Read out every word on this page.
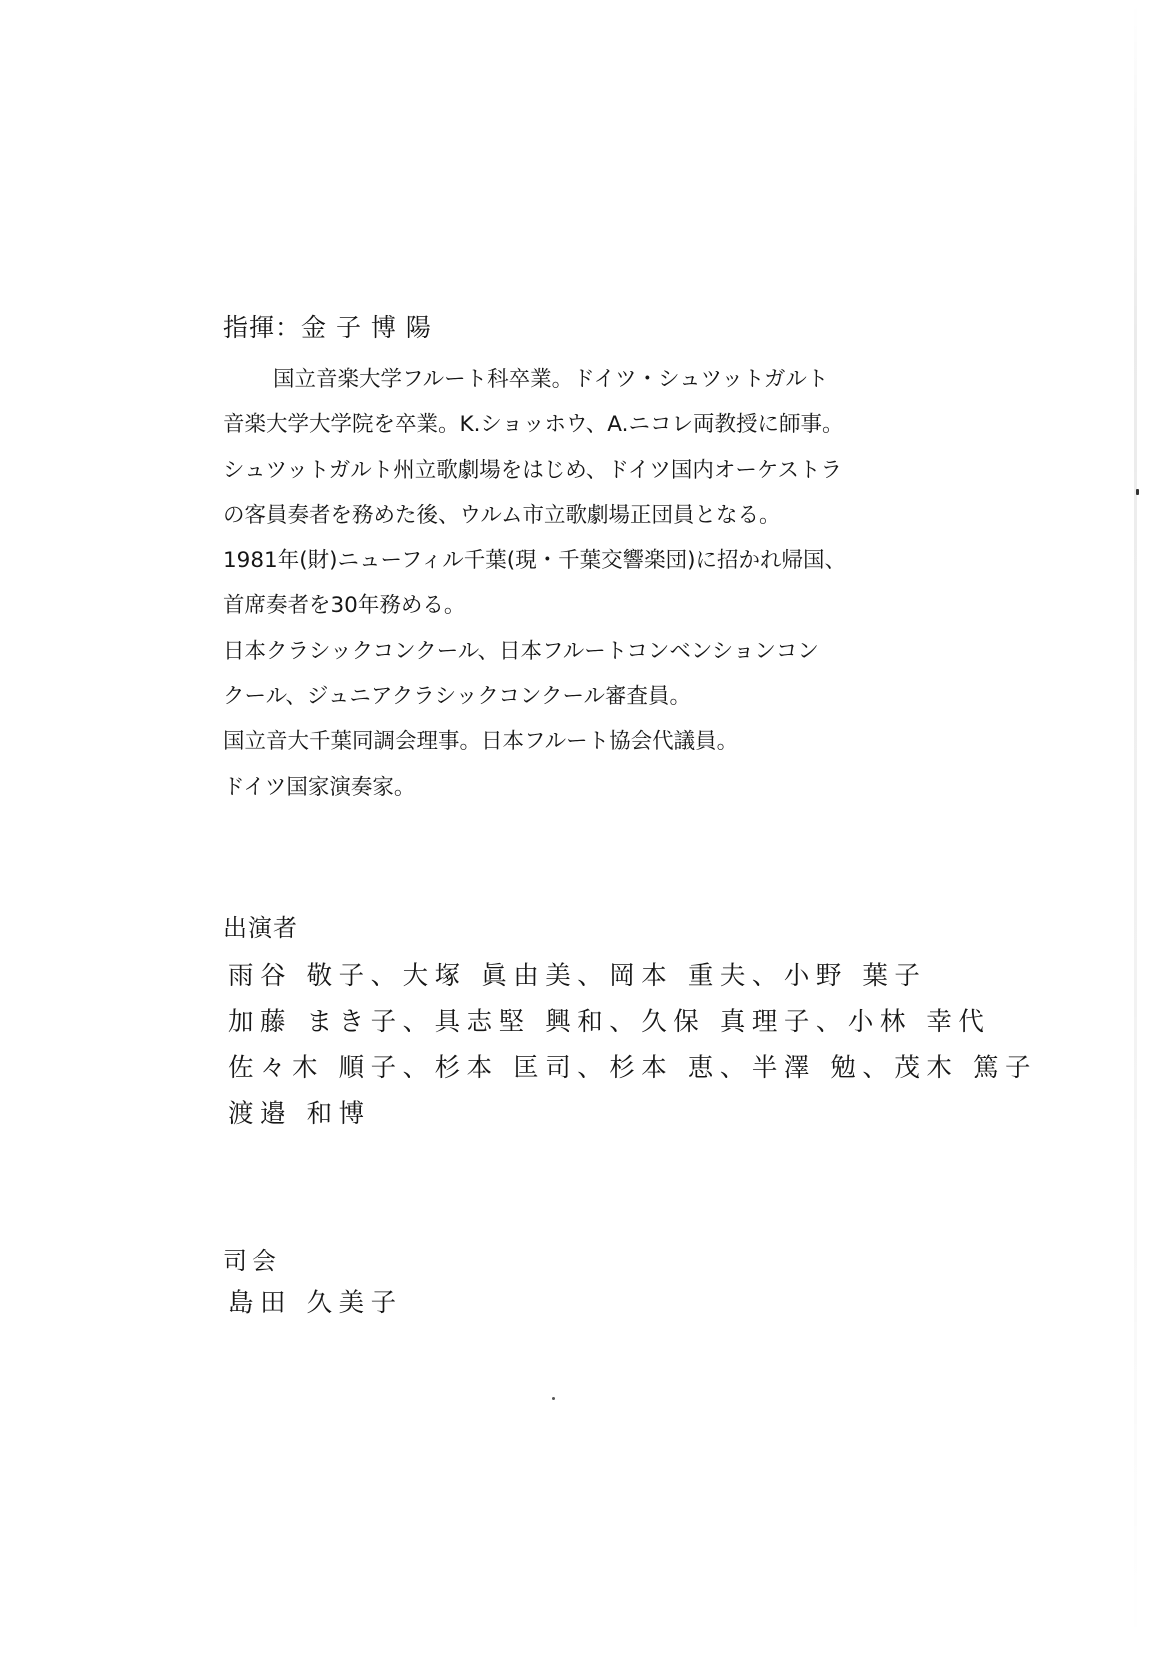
指揮：金 子 博 陽
国立音楽大学フルート科卒業。ドイツ・シュツットガルト
音楽大学大学院を卒業。K.ショッホウ、A.ニコレ両教授に師事。
シュツットガルト州立歌劇場をはじめ、ドイツ国内オーケストラ
の客員奏者を務めた後、ウルム市立歌劇場正団員となる。
1981年(財)ニューフィル千葉(現・千葉交響楽団)に招かれ帰国、
首席奏者を30年務める。
日本クラシックコンクール、日本フルートコンベンションコン
クール、ジュニアクラシックコンクール審査員。
国立音大千葉同調会理事。日本フルート協会代議員。
ドイツ国家演奏家。
出演者
雨谷 敬子、大塚 眞由美、岡本 重夫、小野 葉子
加藤 まき子、具志堅 興和、久保 真理子、小林 幸代
佐々木 順子、杉本 匡司、杉本 恵、半澤 勉、茂木 篤子
渡邉 和博
司会
島田 久美子
